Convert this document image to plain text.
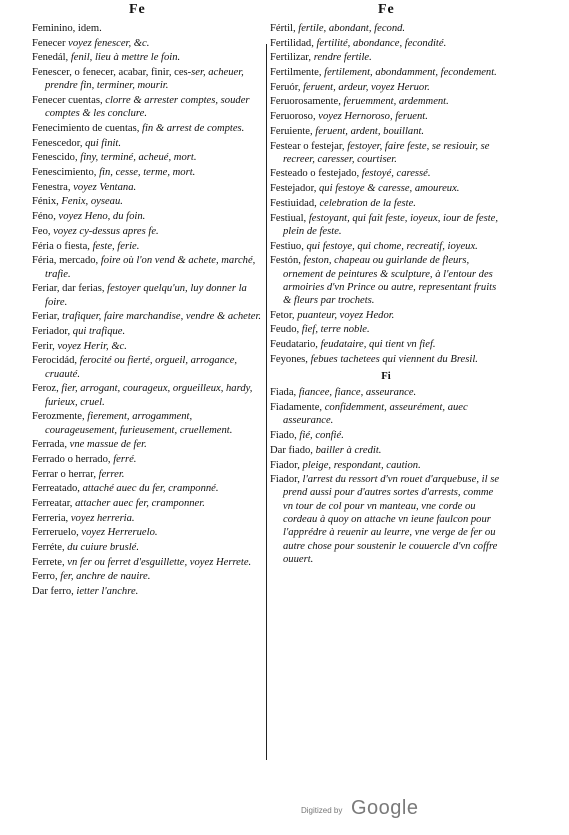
Fe	Fe
Feminino, idem.
Fenecer voyez fenescer, &c.
Fenedál, fenil, lieu à mettre le foin.
Fenescer, o fenecer, acabar, finir, ces-ser, acheuer, prendre fin, terminer, mourir.
Fenecer cuentas, clorre & arrester comptes, souder comptes & les conclure.
Fenecimiento de cuentas, fin & arrest de comptes.
Fenescedor, qui finit.
Fenescido, finy, terminé, acheué, mort.
Fenescimiento, fin, cesse, terme, mort.
Fenestra, voyez Ventana.
Fénix, Fenix, oyseau.
Féno, voyez Heno, du foin.
Feo, voyez cy-dessus apres fe.
Féria o fiesta, feste, ferie.
Féria, mercado, foire où l'on vend & achete, marché, trafie.
Feriar, dar ferias, festoyer quelqu'un, luy donner la foire.
Feriar, trafiquer, faire marchandise, vendre & acheter.
Feriador, qui trafique.
Ferir, voyez Herir, &c.
Ferocidád, ferocité ou fierté, orgueil, arrogance, cruauté.
Feroz, fier, arrogant, courageux, orgueilleux, hardy, furieux, cruel.
Ferozmente, fierement, arrogamment, courageusement, furieusement, cruellement.
Ferrada, vne massue de fer.
Ferrado o herrado, ferré.
Ferrar o herrar, ferrer.
Ferreatado, attaché auec du fer, cramponné.
Ferreatar, attacher auec fer, cramponner.
Ferreria, voyez herreria.
Ferreruelo, voyez Herreruelo.
Ferréte, du cuiure bruslé.
Ferrete, vn fer ou ferret d'esguillette, voyez Herrete.
Ferro, fer, anchre de nauire.
Dar ferro, ietter l'anchre.
Fértil, fertile, abondant, fecond.
Fertilidad, fertilité, abondance, fecondité.
Fertilizar, rendre fertile.
Fertilmente, fertilement, abondamment, fecondement.
Feruór, feruent, ardeur, voyez Heruor.
Feruorosamente, feruemment, ardemment.
Feruoroso, voyez Hernoroso, feruent.
Feruiente, feruent, ardent, bouillant.
Festear o festejar, festoyer, faire feste, se resiouir, se recreer, caresser, courtiser.
Festeado o festejado, festoyé, caressé.
Festejador, qui festoye & caresse, amoureux.
Festiuidad, celebration de la feste.
Festiual, festoyant, qui fait feste, ioyeux, iour de feste, plein de feste.
Festiuo, qui festoye, qui chome, recreatif, ioyeux.
Festón, feston, chapeau ou guirlande de fleurs, ornement de peintures & sculpture, à l'entour des armoiries d'vn Prince ou autre, representant fruits & fleurs par trochets.
Fetor, puanteur, voyez Hedor.
Feudo, fief, terre noble.
Feudatario, feudataire, qui tient vn fief.
Feyones, febues tachetees qui viennent du Bresil.
Fi
Fiada, fiancee, fiance, asseurance.
Fiadamente, confidemment, asseurément, auec asseurance.
Fiado, fié, confié.
Dar fiado, bailler à credit.
Fiador, pleige, respondant, caution.
Fiador, l'arrest du ressort d'vn rouet d'arquebuse, il se prend aussi pour d'autres sortes d'arrests, comme vn tour de col pour vn manteau, vne corde ou cordeau à quoy on attache vn ieune faulcon pour l'apprédre à reuenir au leurre, vne verge de fer ou autre chose pour soustenir le couuercle d'vn coffre ouuert.
Digitized by Google
